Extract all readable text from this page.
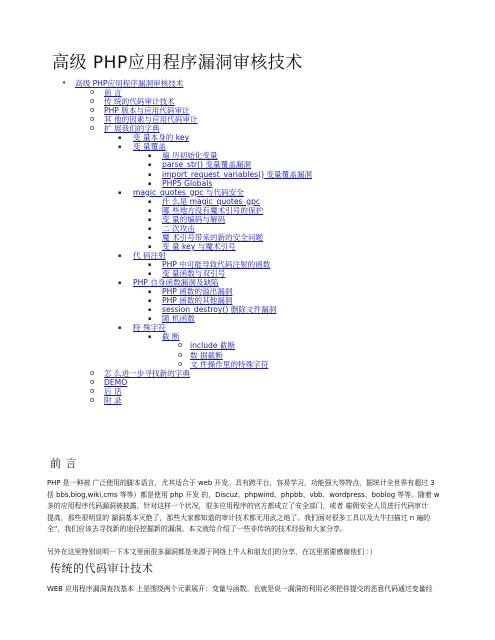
高级 PHP应用程序漏洞审核技术
•	高级 PHP应用程序漏洞审核技术
o	前 言
o	传 统的代码审计技术
o	PHP 版本与应用代码审计
o	其 他的因素与应用代码审计
o	扩 展我们的字典
▪	变 量本身的 key
▪	变 量覆盖
▪	遍 历初始化变量
▪	parse_str() 变量覆盖漏洞
▪	import_request_variables() 变量覆盖漏洞
▪	PHP5 Globals
▪	magic_quotes_gpc 与代码安全
▪	什 么是 magic_quotes_gpc
▪	哪 些地方没有魔术引号的保护
▪	变 量的编码与解码
▪	二 次攻击
▪	魔 术引号带来的新的安全问题
▪	变 量 key 与魔术引号
▪	代 码注射
▪	PHP 中可能导致代码注射的函数
▪	变 量函数与双引号
▪	PHP 自身函数漏洞及缺陷
▪	PHP 函数的溢出漏洞
▪	PHP 函数的其他漏洞
▪	session_destroy() 删除文件漏洞
▪	随 机函数
▪	特 殊字符
▪	截 断
o	include 截断
o	数 据截断
o	文 件操作里的特殊字符
o	怎 么进一步寻找新的字典
o	DEMO
o	后 话
o	附 录
前 言
PHP 是一种被 广泛使用的脚本语言，尤其适合于 web 开发。具有跨平台，容易学习，功能强大等特点，据统计全世界有超过 3
括 bbs,blog,wiki,cms 等等）都是使用 php 开发 的，Discuz、phpwind、phpbb、vbb、wordpress、boblog 等等。随着 w
多的应用程序代码漏洞被披露，针对这样一个状况，很多应用程序的官方都成立了安全部门，或者 雇佣安全人员进行代码审计
提高，那些很明显的 漏洞基本灭绝了，那些大家都知道的审计技术都无用武之地了。我们面对很多工具以及大牛扫描过 n 遍的
全”，我们应该去寻找新的途径挖掘新的漏洞。本文就给介绍了一些非传统的技术经验和大家分享。
另外在这里特别说明一下本文里面很多漏洞都是来源于网络上牛人和朋友们的分享，在这里需要感谢他们 ：）
传统的代码审计技术
WEB 应用程序漏洞查找基本 上是围绕两个元素展开：变量与函数。也就是说一漏洞的利用必须把你提交的恶意代码通过变量经
